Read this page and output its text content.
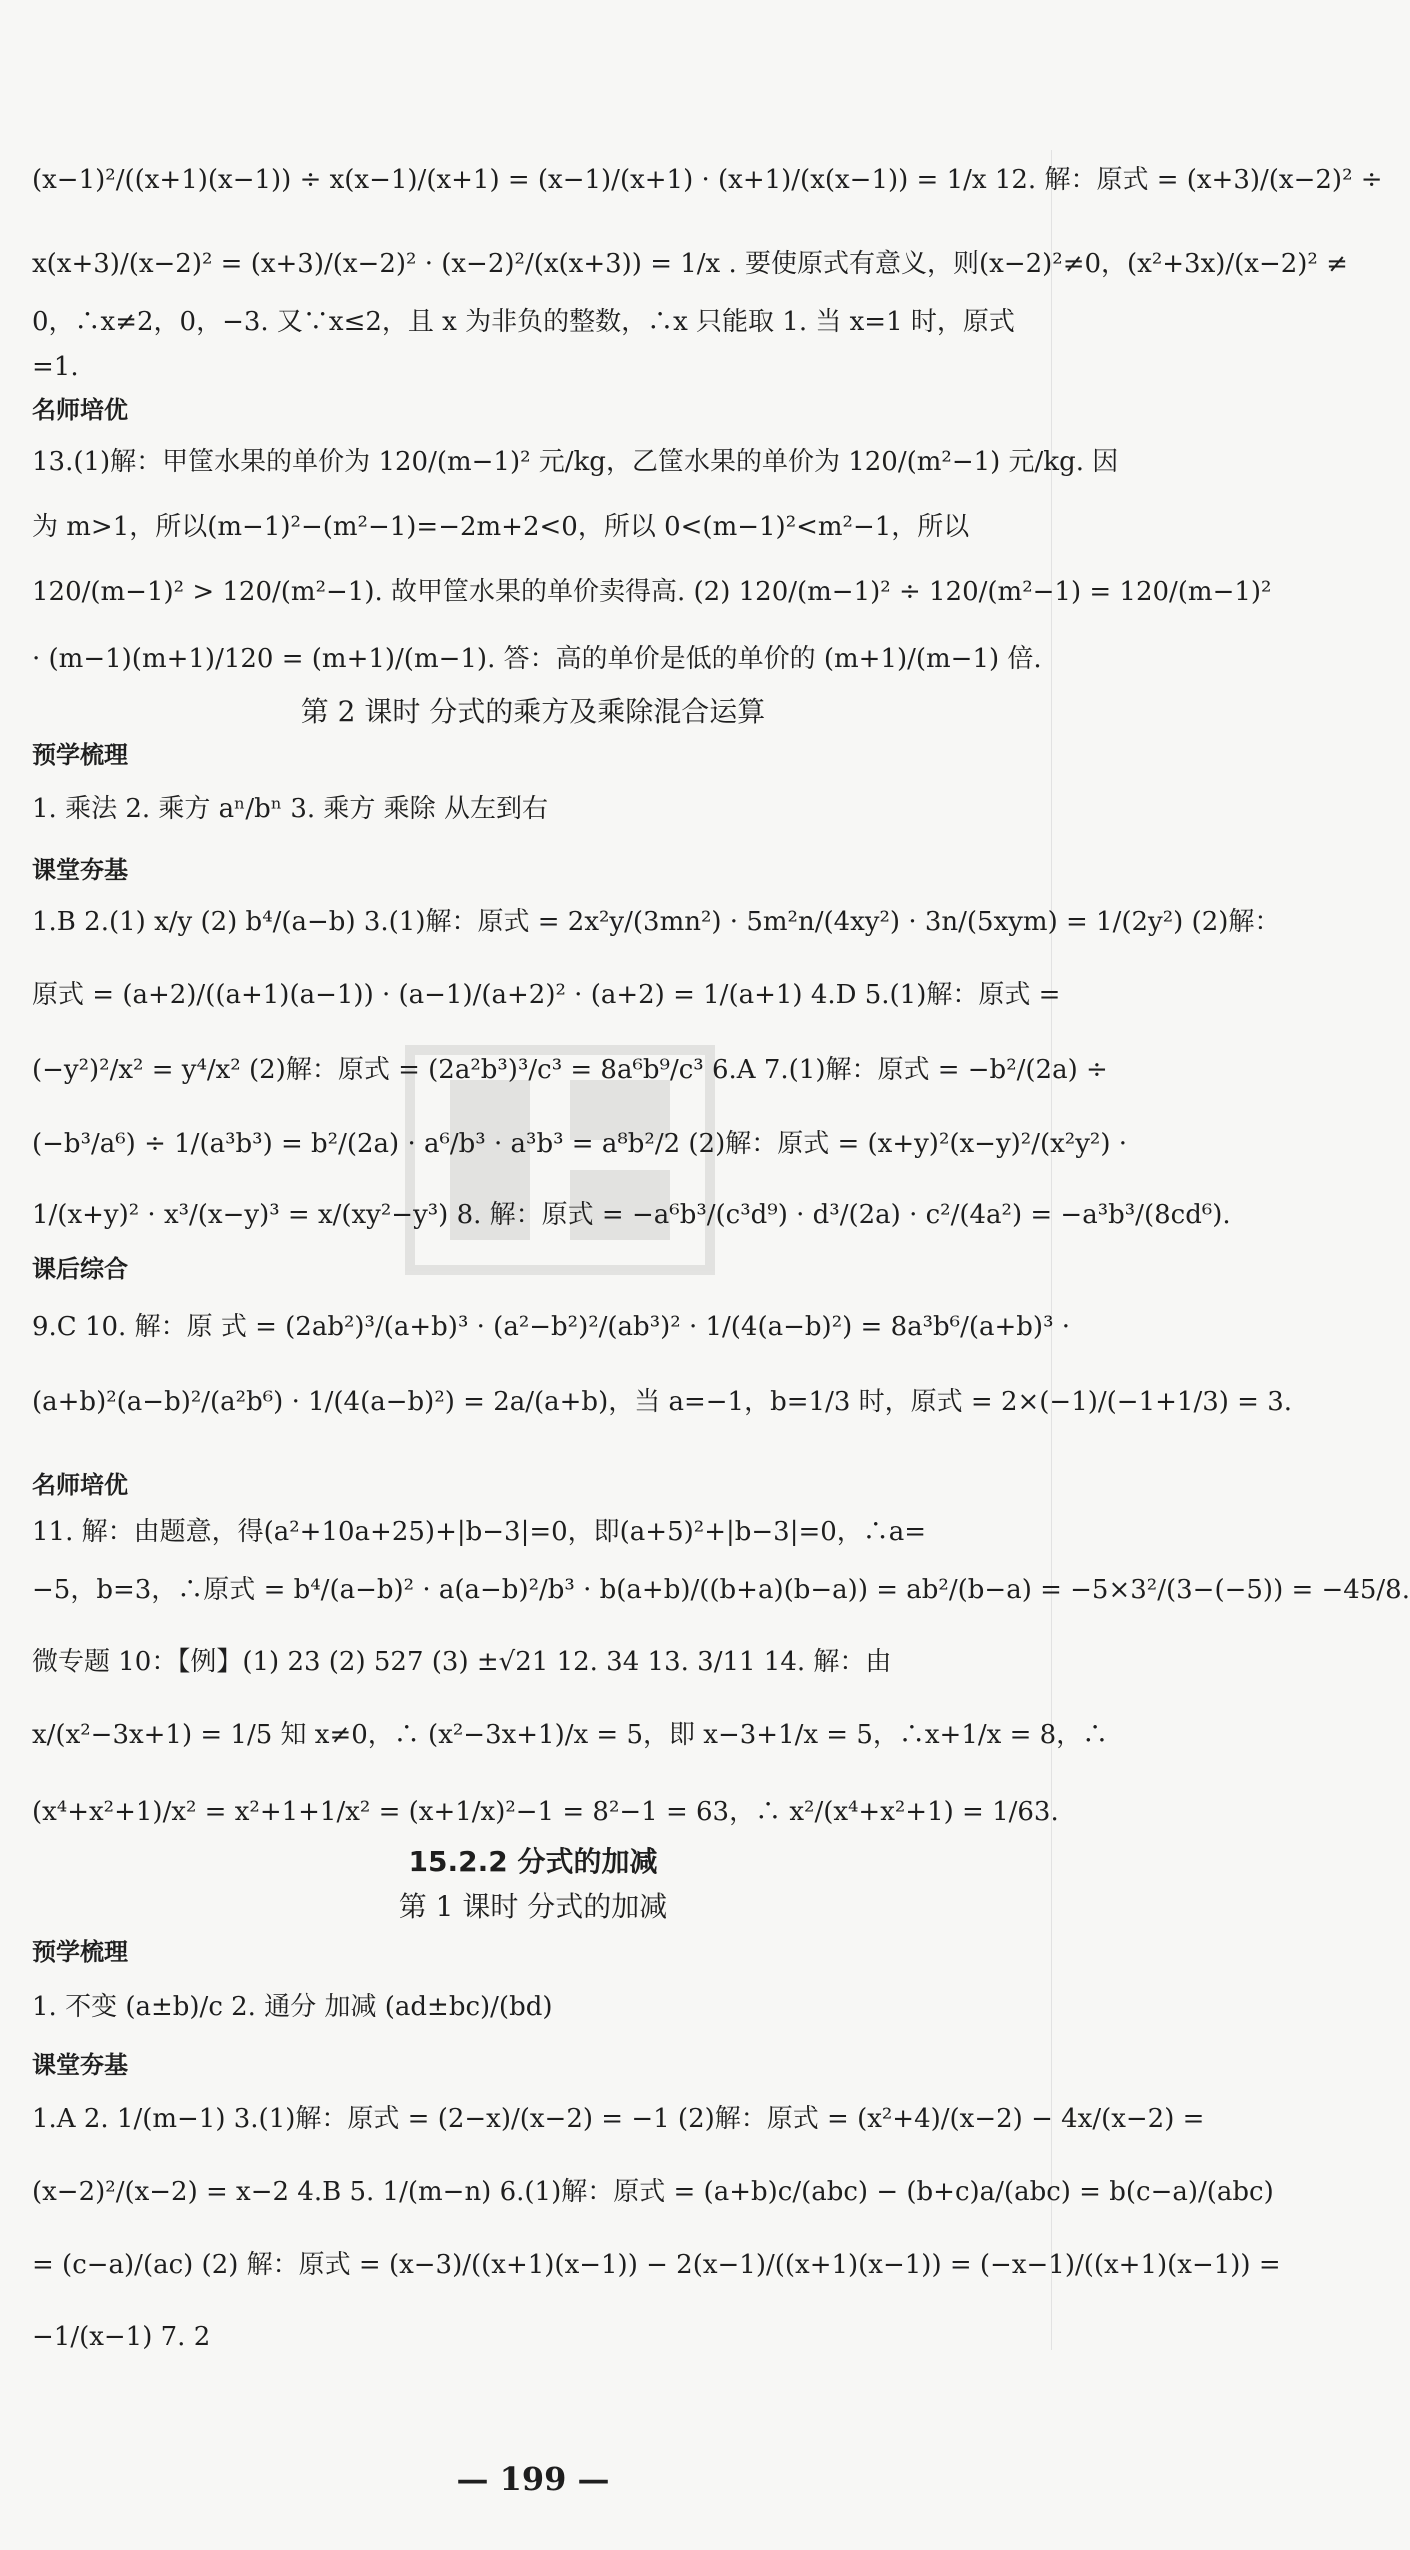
(x−1)²/((x+1)(x−1)) ÷ x(x−1)/(x+1) = (x−1)/(x+1) · (x+1)/(x(x−1)) = 1/x 12. 解：原式 = (x+3)/(x−2)² ÷
x(x+3)/(x−2)² = (x+3)/(x−2)² · (x−2)²/(x(x+3)) = 1/x . 要使原式有意义，则(x−2)²≠0，(x²+3x)/(x−2)² ≠
0，∴x≠2，0，−3. 又∵x≤2，且 x 为非负的整数，∴x 只能取 1. 当 x=1 时，原式
=1.
名师培优
13.(1)解：甲筐水果的单价为 120/(m−1)² 元/kg，乙筐水果的单价为 120/(m²−1) 元/kg. 因
为 m>1，所以(m−1)²−(m²−1)=−2m+2<0，所以 0<(m−1)²<m²−1，所以
120/(m−1)² > 120/(m²−1). 故甲筐水果的单价卖得高. (2) 120/(m−1)² ÷ 120/(m²−1) = 120/(m−1)²
· (m−1)(m+1)/120 = (m+1)/(m−1). 答：高的单价是低的单价的 (m+1)/(m−1) 倍.
第 2 课时 分式的乘方及乘除混合运算
预学梳理
1. 乘法 2. 乘方 aⁿ/bⁿ 3. 乘方 乘除 从左到右
课堂夯基
1.B 2.(1) x/y (2) b⁴/(a−b) 3.(1)解：原式 = 2x²y/(3mn²) · 5m²n/(4xy²) · 3n/(5xym) = 1/(2y²) (2)解：
原式 = (a+2)/((a+1)(a−1)) · (a−1)/(a+2)² · (a+2) = 1/(a+1) 4.D 5.(1)解：原式 =
(−y²)²/x² = y⁴/x² (2)解：原式 = (2a²b³)³/c³ = 8a⁶b⁹/c³ 6.A 7.(1)解：原式 = −b²/(2a) ÷
(−b³/a⁶) ÷ 1/(a³b³) = b²/(2a) · a⁶/b³ · a³b³ = a⁸b²/2 (2)解：原式 = (x+y)²(x−y)²/(x²y²) ·
1/(x+y)² · x³/(x−y)³ = x/(xy²−y³) 8. 解：原式 = −a⁶b³/(c³d⁹) · d³/(2a) · c²/(4a²) = −a³b³/(8cd⁶).
课后综合
9.C 10. 解：原 式 = (2ab²)³/(a+b)³ · (a²−b²)²/(ab³)² · 1/(4(a−b)²) = 8a³b⁶/(a+b)³ ·
(a+b)²(a−b)²/(a²b⁶) · 1/(4(a−b)²) = 2a/(a+b)，当 a=−1，b=1/3 时，原式 = 2×(−1)/(−1+1/3) = 3.
名师培优
11. 解：由题意，得(a²+10a+25)+|b−3|=0，即(a+5)²+|b−3|=0，∴a=
−5，b=3，∴原式 = b⁴/(a−b)² · a(a−b)²/b³ · b(a+b)/((b+a)(b−a)) = ab²/(b−a) = −5×3²/(3−(−5)) = −45/8.
微专题 10：【例】(1) 23 (2) 527 (3) ±√21 12. 34 13. 3/11 14. 解：由
x/(x²−3x+1) = 1/5 知 x≠0，∴ (x²−3x+1)/x = 5，即 x−3+1/x = 5，∴x+1/x = 8，∴
(x⁴+x²+1)/x² = x²+1+1/x² = (x+1/x)²−1 = 8²−1 = 63，∴ x²/(x⁴+x²+1) = 1/63.
15.2.2 分式的加减
第 1 课时 分式的加减
预学梳理
1. 不变 (a±b)/c 2. 通分 加减 (ad±bc)/(bd)
课堂夯基
1.A 2. 1/(m−1) 3.(1)解：原式 = (2−x)/(x−2) = −1 (2)解：原式 = (x²+4)/(x−2) − 4x/(x−2) =
(x−2)²/(x−2) = x−2 4.B 5. 1/(m−n) 6.(1)解：原式 = (a+b)c/(abc) − (b+c)a/(abc) = b(c−a)/(abc)
= (c−a)/(ac) (2) 解：原式 = (x−3)/((x+1)(x−1)) − 2(x−1)/((x+1)(x−1)) = (−x−1)/((x+1)(x−1)) =
−1/(x−1) 7. 2
— 199 —
